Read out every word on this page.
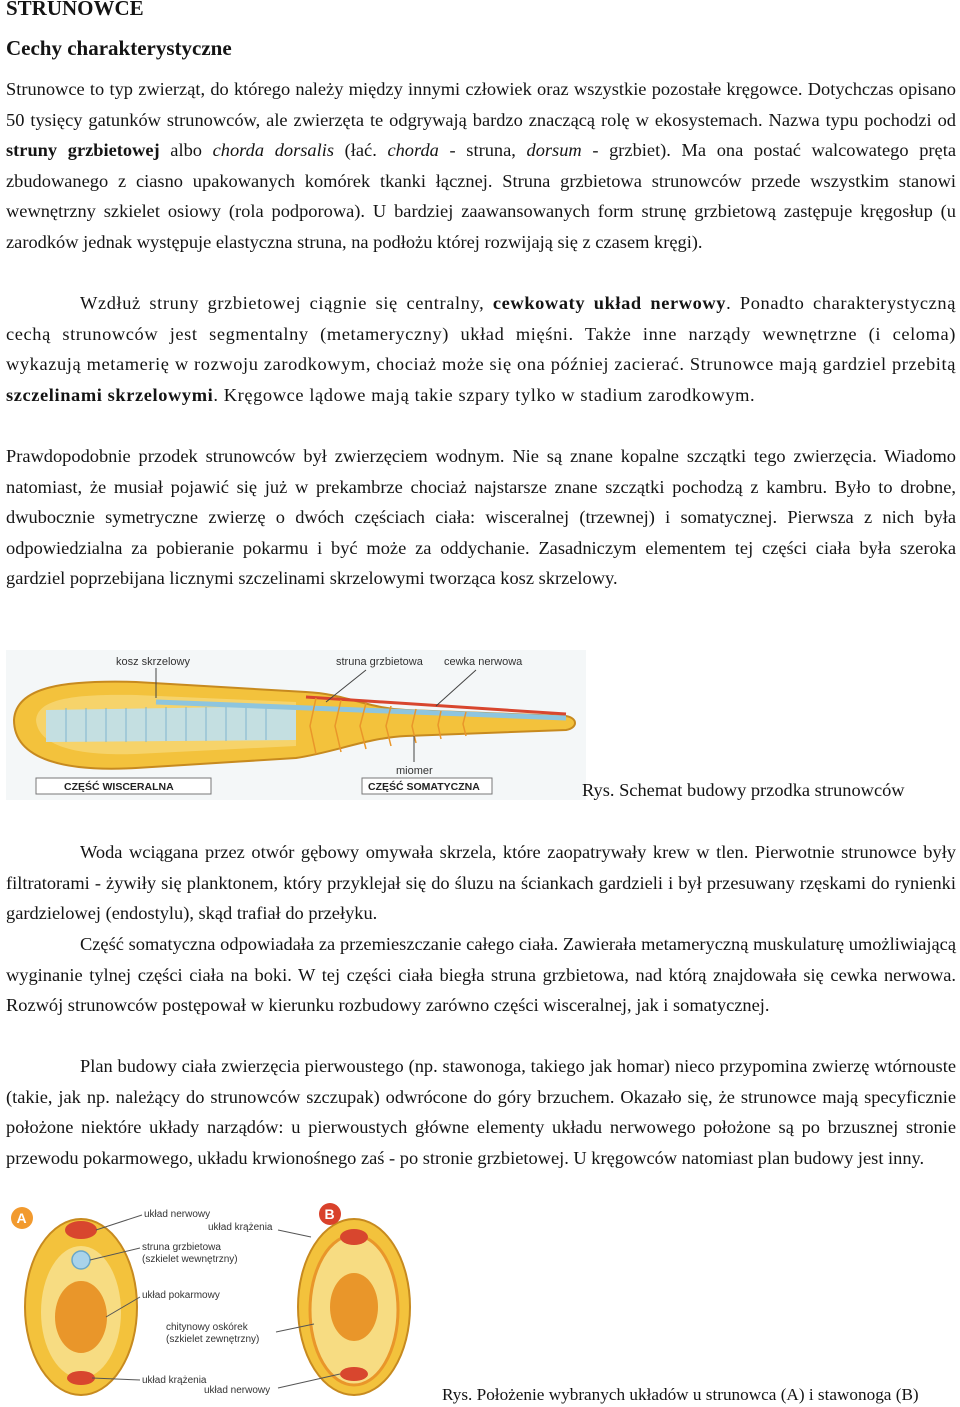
STRUNOWCE
Cechy charakterystyczne

Strunowce to typ zwierząt, do którego należy między innymi człowiek oraz wszystkie pozostałe kręgowce. Dotychczas opisano 50 tysięcy gatunków strunowców, ale zwierzęta te odgrywają bardzo znaczącą rolę w ekosystemach. Nazwa typu pochodzi od struny grzbietowej albo chorda dorsalis (łać. chorda - struna, dorsum - grzbiet). Ma ona postać walcowatego pręta zbudowanego z ciasno upakowanych komórek tkanki łącznej. Struna grzbietowa strunowców przede wszystkim stanowi wewnętrzny szkielet osiowy (rola podporowa). U bardziej zaawansowanych form strunę grzbietową zastępuje kręgosłup (u zarodków jednak występuje elastyczna struna, na podłożu której rozwijają się z czasem kręgi).

Wzdłuż struny grzbietowej ciągnie się centralny, cewkowaty układ nerwowy. Ponadto charakterystyczną cechą strunowców jest segmentalny (metameryczny) układ mięśni. Także inne narządy wewnętrzne (i celoma) wykazują metamerię w rozwoju zarodkowym, chociaż może się ona później zacierać. Strunowce mają gardziel przebitą szczelinami skrzelowymi. Kręgowce lądowe mają takie szpary tylko w stadium zarodkowym.

Prawdopodobnie przodek strunowców był zwierzęciem wodnym. Nie są znane kopalne szczątki tego zwierzęcia. Wiadomo natomiast, że musiał pojawić się już w prekambrze chociaż najstarsze znane szczątki pochodzą z kambru. Było to drobne, dwubocznie symetryczne zwierzę o dwóch częściach ciała: wisceralnej (trzewnej) i somatycznej. Pierwsza z nich była odpowiedzialna za pobieranie pokarmu i być może za oddychanie. Zasadniczym elementem tej części ciała była szeroka gardziel poprzebijana licznymi szczelinami skrzelowymi tworząca kosz skrzelowy.

kosz skrzelowy	struna grzbietowa cewka nerwowa
miomer
CZĘŚĆ WISCERALNA	CZĘŚĆ SOMATYCZNA	Rys. Schemat budowy przodka strunowców

Woda wciągana przez otwór gębowy omywała skrzela, które zaopatrywały krew w tlen. Pierwotnie strunowce były filtratorami - żywiły się planktonem, który przyklejał się do śluzu na ściankach gardzieli i był przesuwany rzęskami do rynienki gardzielowej (endostylu), skąd trafiał do przełyku.

Część somatyczna odpowiadała za przemieszczanie całego ciała. Zawierała metameryczną muskulaturę umożliwiającą wyginanie tylnej części ciała na boki. W tej części ciała biegła struna grzbietowa, nad którą znajdowała się cewka nerwowa. Rozwój strunowców postępował w kierunku rozbudowy zarówno części wisceralnej, jak i somatycznej.

Plan budowy ciała zwierzęcia pierwoustego (np. stawonoga, takiego jak homar) nieco przypomina zwierzę wtórnouste (takie, jak np. należący do strunowców szczupak) odwrócone do góry brzuchem. Okazało się, że strunowce mają specyficznie położone niektóre układy narządów: u pierwoustych główne elementy układu nerwowego położone są po brzusznej stronie przewodu pokarmowego, układu krwionośnego zaś - po stronie grzbietowej. U kręgowców natomiast plan budowy jest inny.

A	B
układ nerwowy
układ krążenia
struna grzbietowa
(szkielet wewnętrzny)
układ pokarmowy
chitynowy oskórek
(szkielet zewnętrzny)
układ krążenia
układ nerwowy	Rys. Położenie wybranych układów u strunowca (A) i stawonoga (B)
